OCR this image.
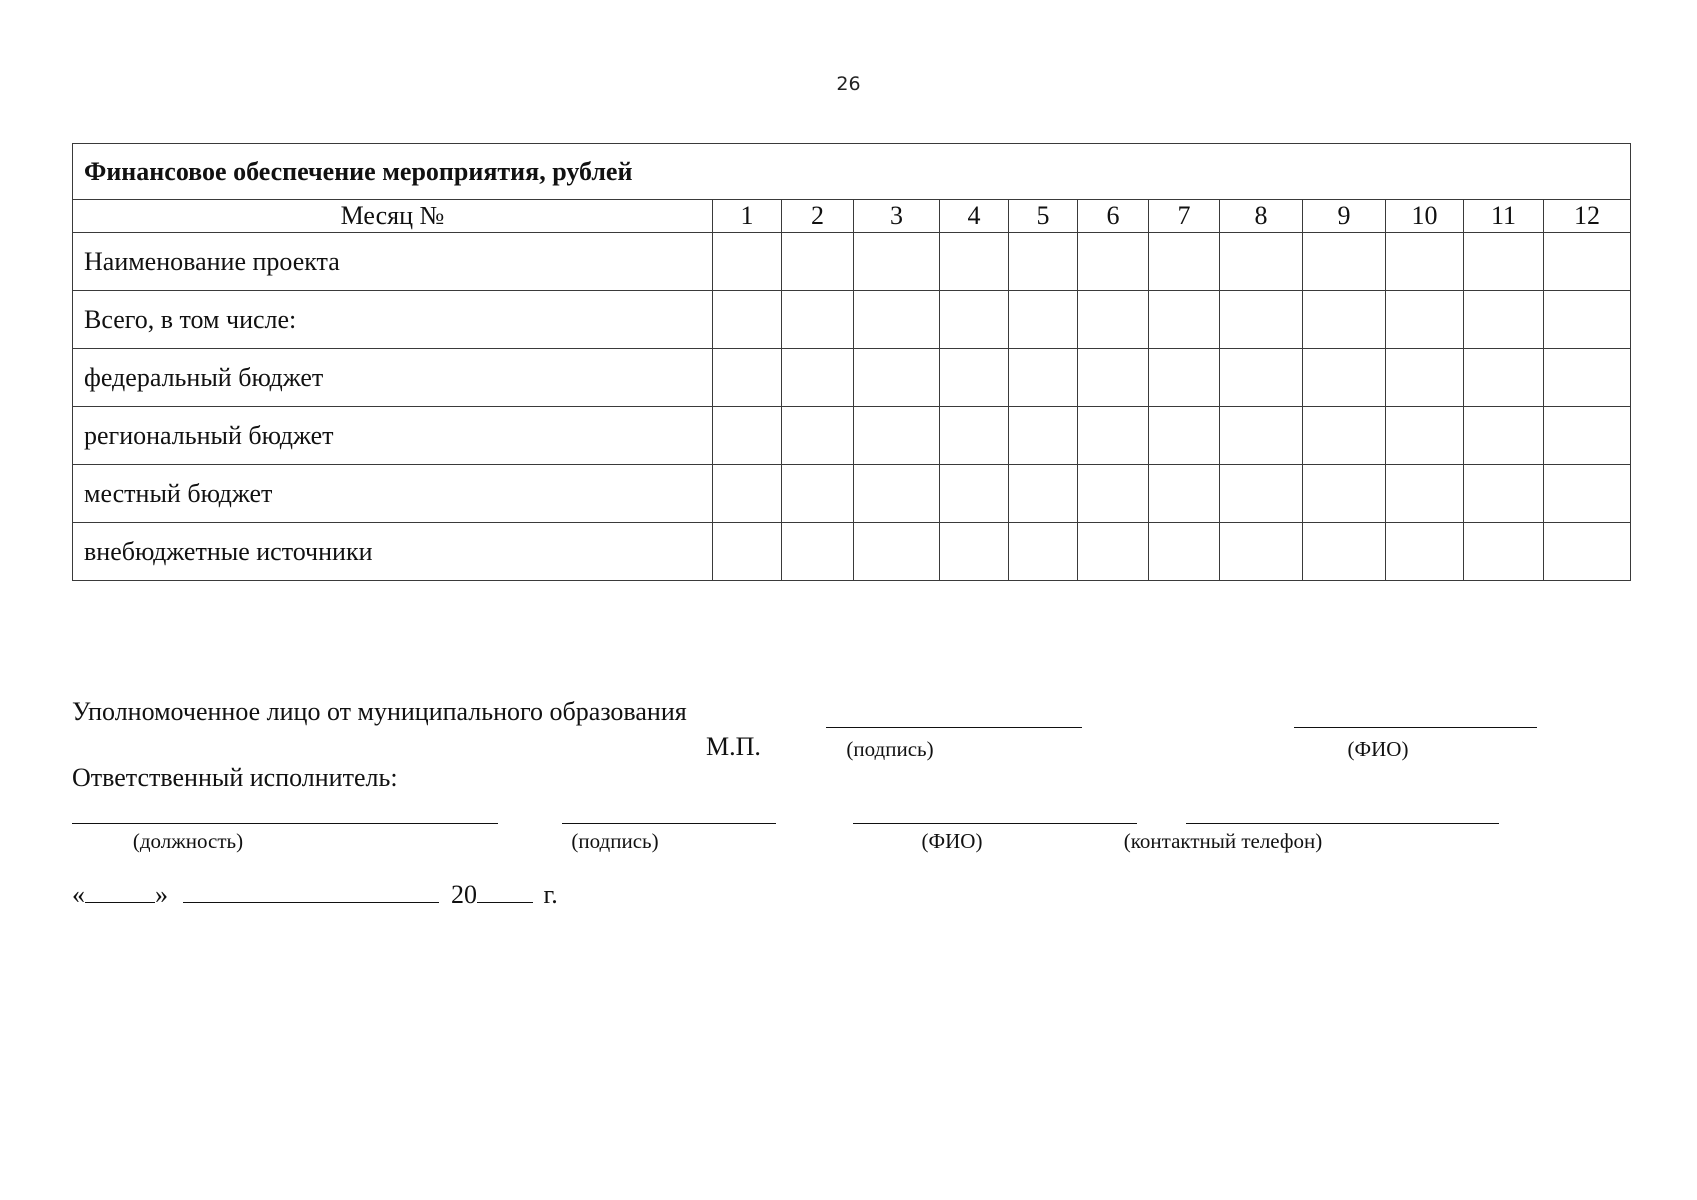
26
Финансовое обеспечение мероприятия, рублей												
Месяц №	1	2	3	4	5	6	7	8	9	10	11	12
Наименование проекта												
Всего, в том числе:												
федеральный бюджет												
региональный бюджет												
местный бюджет												
внебюджетные источники												
Уполномоченное лицо от муниципального образования
М.П.	(подпись)	(ФИО)
Ответственный исполнитель:
(должность)	(подпись)	(ФИО)	(контактный телефон)
«	»	20	г.
